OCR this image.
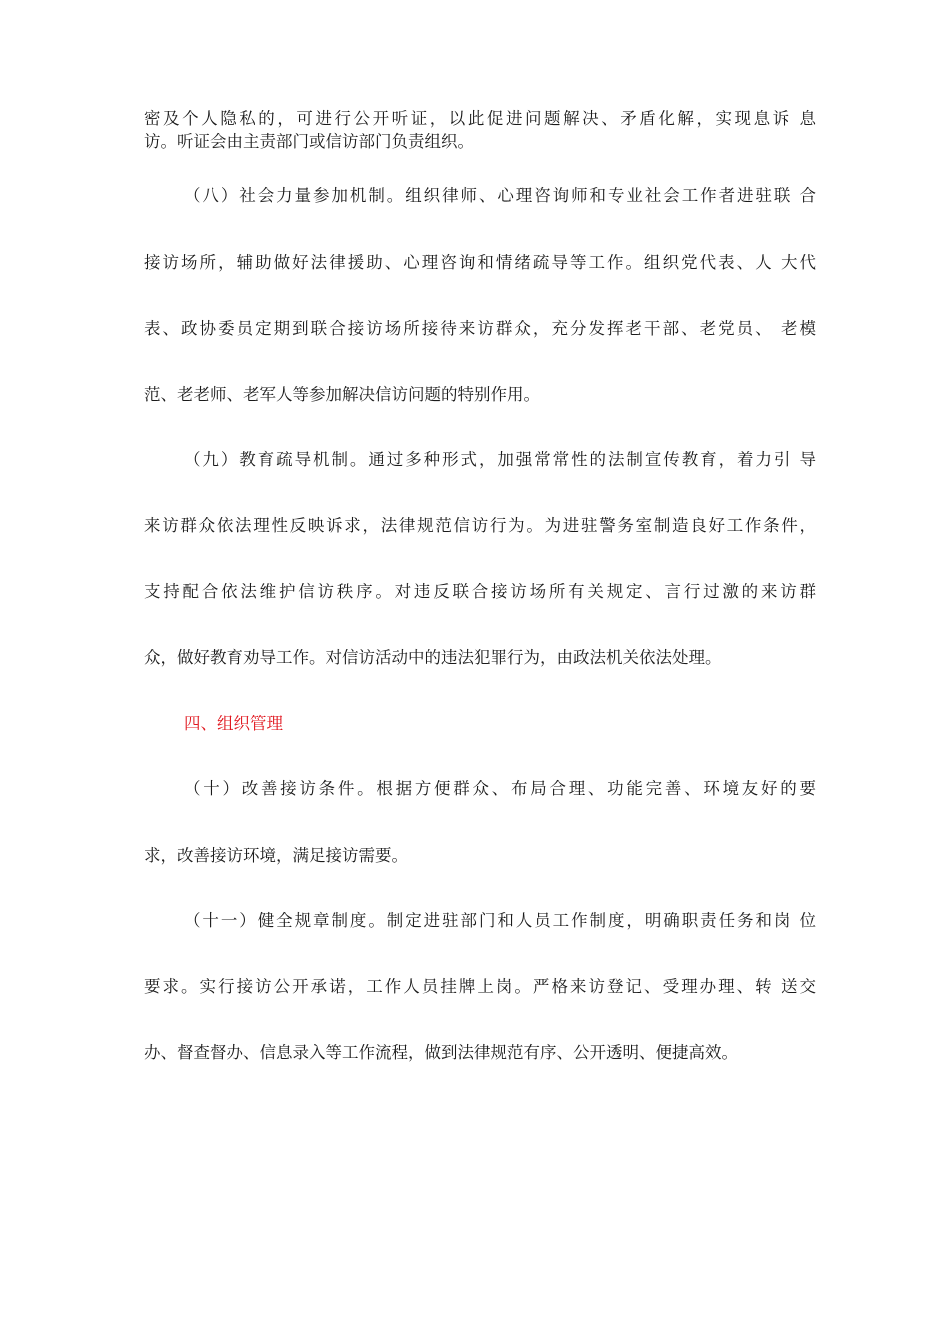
密及个人隐私的，可进行公开听证，以此促进问题解决、矛盾化解，实现息诉 息
访。听证会由主责部门或信访部门负责组织。
（八）社会力量参加机制。组织律师、心理咨询师和专业社会工作者进驻联 合
接访场所，辅助做好法律援助、心理咨询和情绪疏导等工作。组织党代表、人 大代
表、政协委员定期到联合接访场所接待来访群众，充分发挥老干部、老党员、 老模
范、老老师、老军人等参加解决信访问题的特别作用。
（九）教育疏导机制。通过多种形式，加强常常性的法制宣传教育，着力引 导
来访群众依法理性反映诉求，法律规范信访行为。为进驻警务室制造良好工作条件，
支持配合依法维护信访秩序。对违反联合接访场所有关规定、言行过激的来访群
众，做好教育劝导工作。对信访活动中的违法犯罪行为，由政法机关依法处理。
四、组织管理
（十）改善接访条件。根据方便群众、布局合理、功能完善、环境友好的要
求，改善接访环境，满足接访需要。
（十一）健全规章制度。制定进驻部门和人员工作制度，明确职责任务和岗 位
要求。实行接访公开承诺，工作人员挂牌上岗。严格来访登记、受理办理、转 送交
办、督查督办、信息录入等工作流程，做到法律规范有序、公开透明、便捷高效。
